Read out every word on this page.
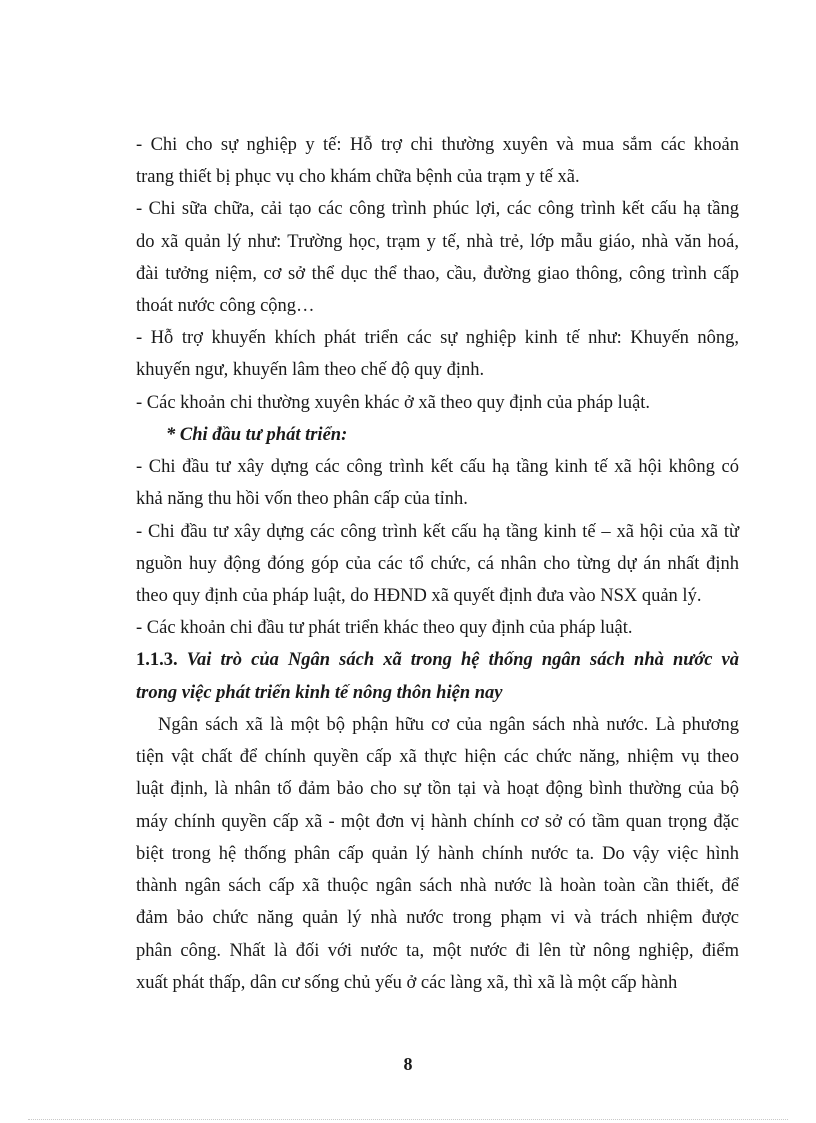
- Chi cho sự nghiệp y tế: Hỗ trợ chi thường xuyên và mua sắm các khoản
trang thiết bị phục vụ cho khám chữa bệnh của trạm y tế xã.
- Chi sữa chữa, cải tạo các công trình phúc lợi, các công trình kết cấu hạ tầng
do xã quản lý như: Trường học, trạm y tế, nhà trẻ, lớp mẫu giáo, nhà văn hoá,
đài tưởng niệm, cơ sở thể dục thể thao, cầu, đường giao thông, công trình cấp
thoát nước công cộng…
- Hỗ trợ khuyến khích phát triển các sự nghiệp kinh tế như: Khuyến nông,
khuyến ngư, khuyến lâm theo chế độ quy định.
- Các khoản chi thường xuyên khác ở xã theo quy định của pháp luật.
* Chi đầu tư phát triển:
- Chi đầu tư xây dựng các công trình kết cấu hạ tầng kinh tế xã hội không có
khả năng thu hồi vốn theo phân cấp của tỉnh.
- Chi đầu tư xây dựng các công trình kết cấu hạ tầng kinh tế – xã hội của xã từ
nguồn huy động đóng góp của các tổ chức, cá nhân cho từng dự án nhất định
theo quy định của pháp luật, do HĐND xã quyết định đưa vào NSX quản lý.
- Các khoản chi đầu tư phát triển khác theo quy định của pháp luật.
1.1.3. Vai trò của Ngân sách xã trong hệ thống ngân sách nhà nước và
trong việc phát triển kinh tế nông thôn hiện nay
Ngân sách xã là một bộ phận hữu cơ của ngân sách nhà nước. Là phương
tiện vật chất để chính quyền cấp xã thực hiện các chức năng, nhiệm vụ theo
luật định, là nhân tố đảm bảo cho sự tồn tại và hoạt động bình thường của bộ
máy chính quyền cấp xã - một đơn vị hành chính cơ sở có tầm quan trọng đặc
biệt trong hệ thống phân cấp quản lý hành chính nước ta. Do vậy việc hình
thành ngân sách cấp xã thuộc ngân sách nhà nước là hoàn toàn cần thiết, để
đảm bảo chức năng quản lý nhà nước trong phạm vi và trách nhiệm được
phân công. Nhất là đối với nước ta, một nước đi lên từ nông nghiệp, điểm
xuất phát thấp, dân cư sống chủ yếu ở các làng xã, thì xã là một cấp hành
8
